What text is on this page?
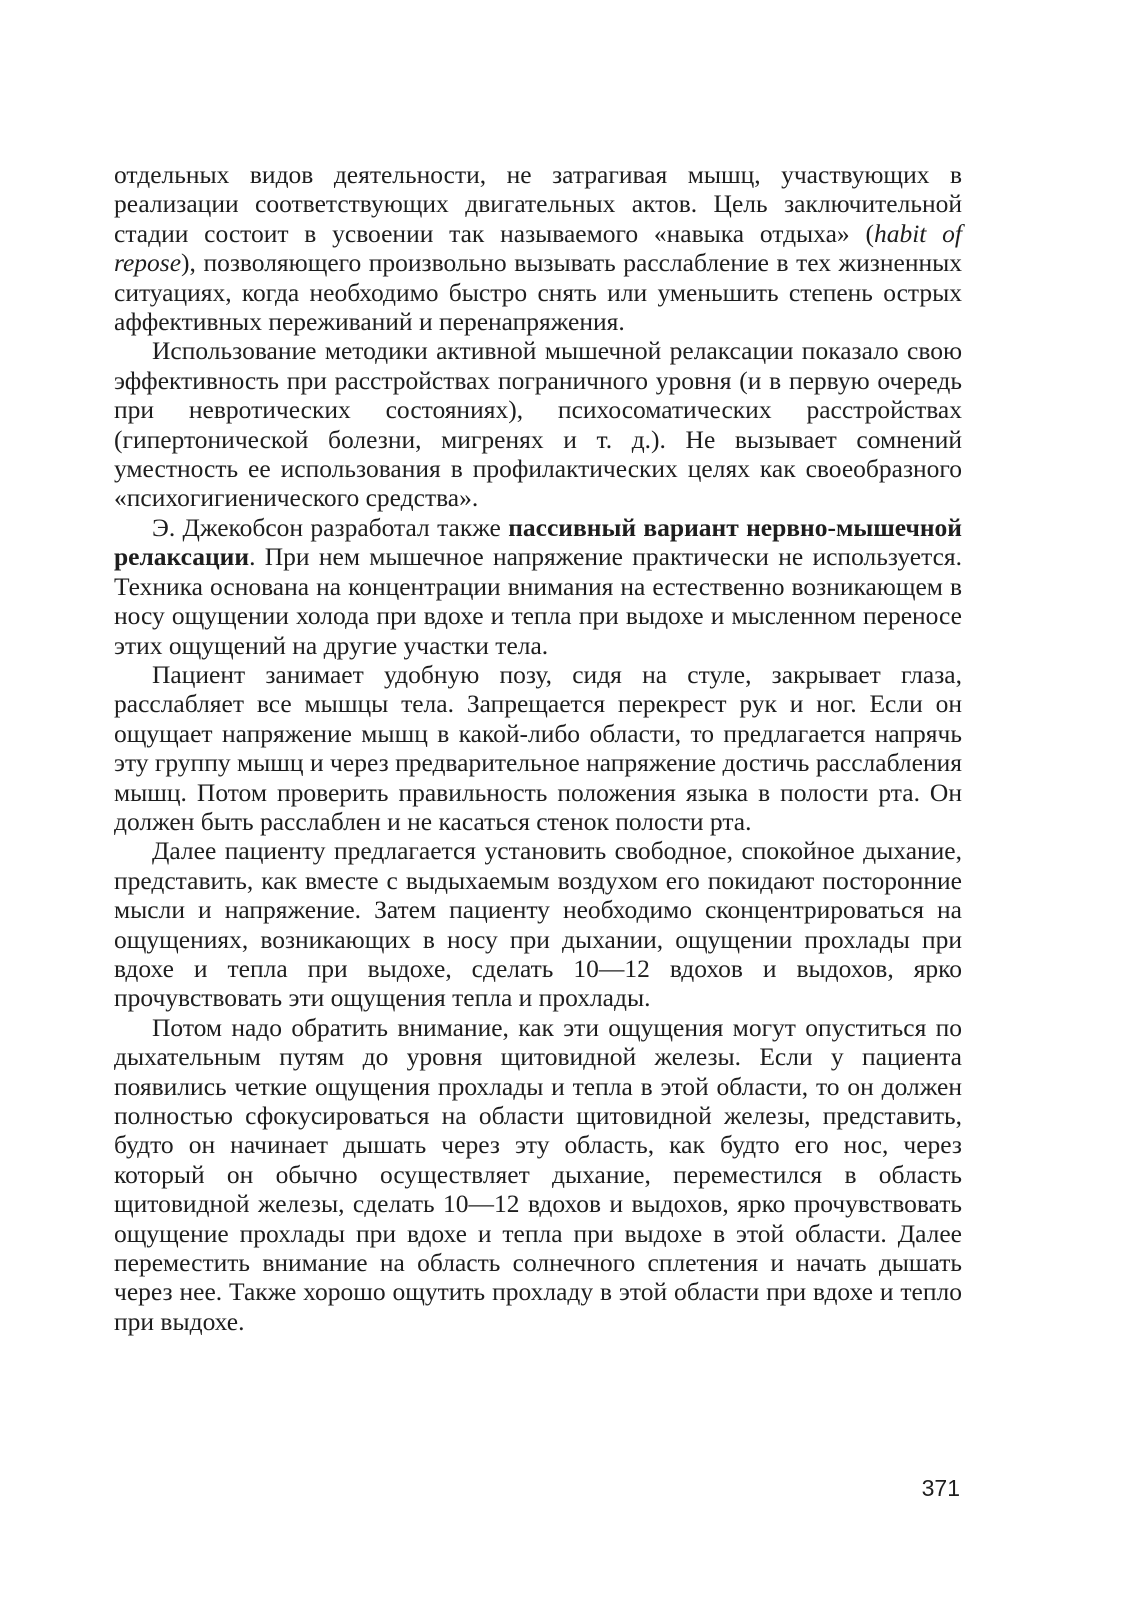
отдельных видов деятельности, не затрагивая мышц, участвующих в реализации соответствующих двигательных актов. Цель заключительной стадии состоит в усвоении так называемого «навыка отдыха» (habit of repose), позволяющего произвольно вызывать расслабление в тех жизненных ситуациях, когда необходимо быстро снять или уменьшить степень острых аффективных переживаний и перенапряжения.

Использование методики активной мышечной релаксации показало свою эффективность при расстройствах пограничного уровня (и в первую очередь при невротических состояниях), психосоматических расстройствах (гипертонической болезни, мигренях и т. д.). Не вызывает сомнений уместность ее использования в профилактических целях как своеобразного «психогигиенического средства».

Э. Джекобсон разработал также пассивный вариант нервно-мышечной релаксации. При нем мышечное напряжение практически не используется. Техника основана на концентрации внимания на естественно возникающем в носу ощущении холода при вдохе и тепла при выдохе и мысленном переносе этих ощущений на другие участки тела.

Пациент занимает удобную позу, сидя на стуле, закрывает глаза, расслабляет все мышцы тела. Запрещается перекрест рук и ног. Если он ощущает напряжение мышц в какой-либо области, то предлагается напрячь эту группу мышц и через предварительное напряжение достичь расслабления мышц. Потом проверить правильность положения языка в полости рта. Он должен быть расслаблен и не касаться стенок полости рта.

Далее пациенту предлагается установить свободное, спокойное дыхание, представить, как вместе с выдыхаемым воздухом его покидают посторонние мысли и напряжение. Затем пациенту необходимо сконцентрироваться на ощущениях, возникающих в носу при дыхании, ощущении прохлады при вдохе и тепла при выдохе, сделать 10—12 вдохов и выдохов, ярко прочувствовать эти ощущения тепла и прохлады.

Потом надо обратить внимание, как эти ощущения могут опуститься по дыхательным путям до уровня щитовидной железы. Если у пациента появились четкие ощущения прохлады и тепла в этой области, то он должен полностью сфокусироваться на области щитовидной железы, представить, будто он начинает дышать через эту область, как будто его нос, через который он обычно осуществляет дыхание, переместился в область щитовидной железы, сделать 10—12 вдохов и выдохов, ярко прочувствовать ощущение прохлады при вдохе и тепла при выдохе в этой области. Далее переместить внимание на область солнечного сплетения и начать дышать через нее. Также хорошо ощутить прохладу в этой области при вдохе и тепло при выдохе.

371
